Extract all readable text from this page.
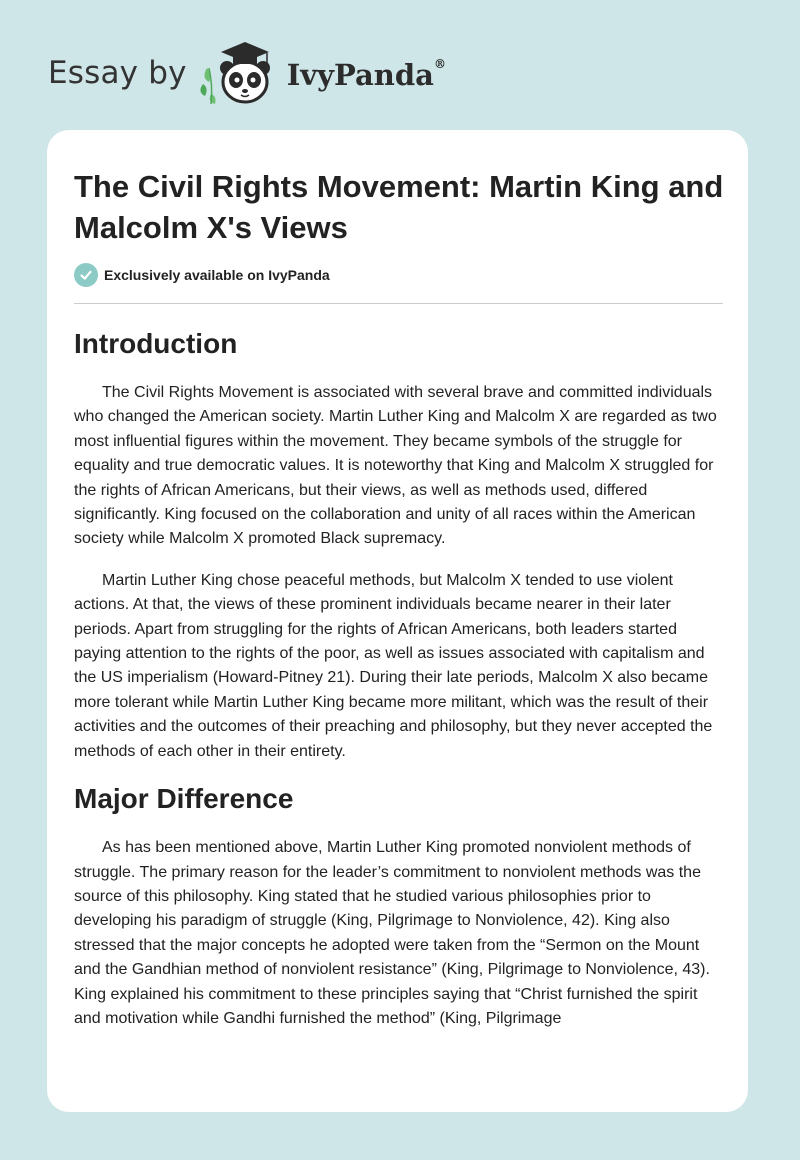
Essay by	IvyPanda®
The Civil Rights Movement: Martin King and Malcolm X's Views
Exclusively available on IvyPanda
Introduction

The Civil Rights Movement is associated with several brave and committed individuals who changed the American society. Martin Luther King and Malcolm X are regarded as two most influential figures within the movement. They became symbols of the struggle for equality and true democratic values. It is noteworthy that King and Malcolm X struggled for the rights of African Americans, but their views, as well as methods used, differed significantly. King focused on the collaboration and unity of all races within the American society while Malcolm X promoted Black supremacy.

Martin Luther King chose peaceful methods, but Malcolm X tended to use violent actions. At that, the views of these prominent individuals became nearer in their later periods. Apart from struggling for the rights of African Americans, both leaders started paying attention to the rights of the poor, as well as issues associated with capitalism and the US imperialism (Howard-Pitney 21). During their late periods, Malcolm X also became more tolerant while Martin Luther King became more militant, which was the result of their activities and the outcomes of their preaching and philosophy, but they never accepted the methods of each other in their entirety.

Major Difference

As has been mentioned above, Martin Luther King promoted nonviolent methods of struggle. The primary reason for the leader’s commitment to nonviolent methods was the source of this philosophy. King stated that he studied various philosophies prior to developing his paradigm of struggle (King, Pilgrimage to Nonviolence, 42). King also stressed that the major concepts he adopted were taken from the “Sermon on the Mount and the Gandhian method of nonviolent resistance” (King, Pilgrimage to Nonviolence, 43). King explained his commitment to these principles saying that “Christ furnished the spirit and motivation while Gandhi furnished the method” (King, Pilgrimage
